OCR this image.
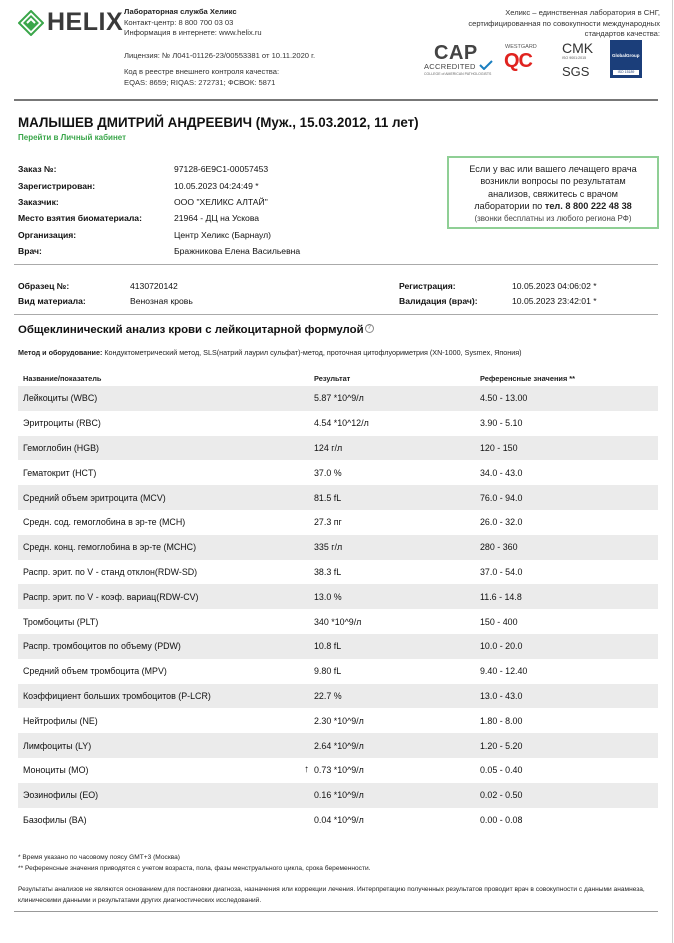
HELIX Лабораторная служба Хеликс
Контакт-центр: 8 800 700 03 03
Информация в интернете: www.helix.ru
Лицензия: № Л041-01126-23/00553381 от 10.11.2020 г.
Код в реестре внешнего контроля качества:
EQAS: 8659; RIQAS: 272731; ФСВОК: 5871
Хеликс – единственная лаборатория в СНГ,
сертифицированная по совокупности международных
стандартов качества:
CAP
ACCREDITED
COLLEGE of AMERICAN PATHOLOGISTS
WESTGARD
QC
CMK
ISO 9001:2015
SGS
GlobalGroup
ISO 15189
МАЛЫШЕВ ДМИТРИЙ АНДРЕЕВИЧ (Муж., 15.03.2012, 11 лет)
Перейти в Личный кабинет
Заказ №:	97128-6E9C1-00057453
Зарегистрирован:	10.05.2023 04:24:49 *
Заказчик:	ООО "ХЕЛИКС АЛТАЙ"
Место взятия биоматериала:	21964 - ДЦ на Ускова
Организация:	Центр Хеликс (Барнаул)
Врач:	Бражникова Елена Васильевна
Если у вас или вашего лечащего врача
возникли вопросы по результатам
анализов, свяжитесь с врачом
лаборатории по тел. 8 800 222 48 38
(звонки бесплатны из любого региона РФ)
Образец №:	4130720142
Вид материала:	Венозная кровь
Регистрация:	10.05.2023 04:06:02 *
Валидация (врач):	10.05.2023 23:42:01 *
Общеклинический анализ крови с лейкоцитарной формулой ?
Метод и оборудование: Кондуктометрический метод, SLS(натрий лаурил сульфат)-метод, проточная цитофлуориметрия (XN-1000, Sysmex, Япония)
Название/показатель	Результат	Референсные значения **
Лейкоциты (WBC)	5.87 *10^9/л	4.50 - 13.00
Эритроциты (RBC)	4.54 *10^12/л	3.90 - 5.10
Гемоглобин (HGB)	124 г/л	120 - 150
Гематокрит (HCT)	37.0 %	34.0 - 43.0
Средний объем эритроцита (MCV)	81.5 fL	76.0 - 94.0
Средн. сод. гемоглобина в эр-те (MCH)	27.3 пг	26.0 - 32.0
Средн. конц. гемоглобина в эр-те (MCHC)	335 г/л	280 - 360
Распр. эрит. по V - станд отклон(RDW-SD)	38.3 fL	37.0 - 54.0
Распр. эрит. по V - коэф. вариац(RDW-CV)	13.0 %	11.6 - 14.8
Тромбоциты (PLT)	340 *10^9/л	150 - 400
Распр. тромбоцитов по объему (PDW)	10.8 fL	10.0 - 20.0
Средний объем тромбоцита (MPV)	9.80 fL	9.40 - 12.40
Коэффициент больших тромбоцитов (P-LCR)	22.7 %	13.0 - 43.0
Нейтрофилы (NE)	2.30 *10^9/л	1.80 - 8.00
Лимфоциты (LY)	2.64 *10^9/л	1.20 - 5.20
Моноциты (MO)	↑ 0.73 *10^9/л	0.05 - 0.40
Эозинофилы (EO)	0.16 *10^9/л	0.02 - 0.50
Базофилы (BA)	0.04 *10^9/л	0.00 - 0.08
* Время указано по часовому поясу GMT+3 (Москва)
** Референсные значения приводятся с учетом возраста, пола, фазы менструального цикла, срока беременности.
Результаты анализов не являются основанием для постановки диагноза, назначения или коррекции лечения. Интерпретацию полученных результатов проводит врач в совокупности с данными анамнеза, клиническими данными и результатами других диагностических исследований.
